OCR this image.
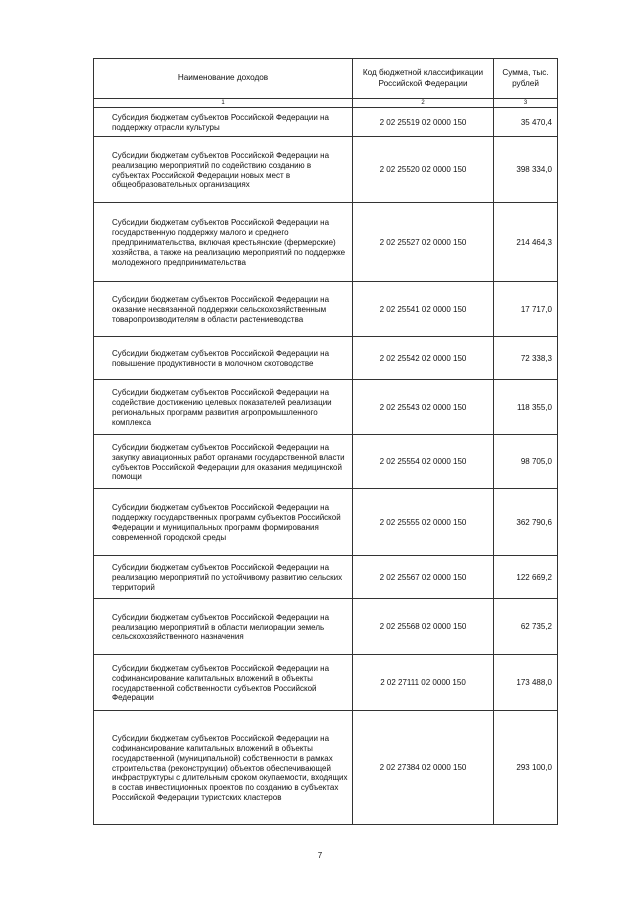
Наименование доходов	Код бюджетной классификации Российской Федерации	Сумма, тыс. рублей
1	2	3
Субсидия бюджетам субъектов Российской Федерации на поддержку отрасли культуры	2 02 25519 02 0000 150	35 470,4
Субсидии бюджетам субъектов Российской Федерации на реализацию мероприятий по содействию созданию в субъектах Российской Федерации новых мест в общеобразовательных организациях	2 02 25520 02 0000 150	398 334,0
Субсидии бюджетам субъектов Российской Федерации на государственную поддержку малого и среднего предпринимательства, включая крестьянские (фермерские) хозяйства, а также на реализацию мероприятий по поддержке молодежного предпринимательства	2 02 25527 02 0000 150	214 464,3
Субсидии бюджетам субъектов Российской Федерации на оказание несвязанной поддержки сельскохозяйственным товаропроизводителям в области растениеводства	2 02 25541 02 0000 150	17 717,0
Субсидии бюджетам субъектов Российской Федерации на повышение продуктивности в молочном скотоводстве	2 02 25542 02 0000 150	72 338,3
Субсидии бюджетам субъектов Российской Федерации на содействие достижению целевых показателей реализации региональных программ развития агропромышленного комплекса	2 02 25543 02 0000 150	118 355,0
Субсидии бюджетам субъектов Российской Федерации на закупку авиационных работ органами государственной власти субъектов Российской Федерации для оказания медицинской помощи	2 02 25554 02 0000 150	98 705,0
Субсидии бюджетам субъектов Российской Федерации на поддержку государственных программ субъектов Российской Федерации и муниципальных программ формирования современной городской среды	2 02 25555 02 0000 150	362 790,6
Субсидии бюджетам субъектов Российской Федерации на реализацию мероприятий по устойчивому развитию сельских территорий	2 02 25567 02 0000 150	122 669,2
Субсидии бюджетам субъектов Российской Федерации на реализацию мероприятий в области мелиорации земель сельскохозяйственного назначения	2 02 25568 02 0000 150	62 735,2
Субсидии бюджетам субъектов Российской Федерации на софинансирование капитальных вложений в объекты государственной собственности субъектов Российской Федерации	2 02 27111 02 0000 150	173 488,0
Субсидии бюджетам субъектов Российской Федерации на софинансирование капитальных вложений в объекты государственной (муниципальной) собственности в рамках строительства (реконструкции) объектов обеспечивающей инфраструктуры с длительным сроком окупаемости, входящих в состав инвестиционных проектов по созданию в субъектах Российской Федерации туристских кластеров	2 02 27384 02 0000 150	293 100,0
7
